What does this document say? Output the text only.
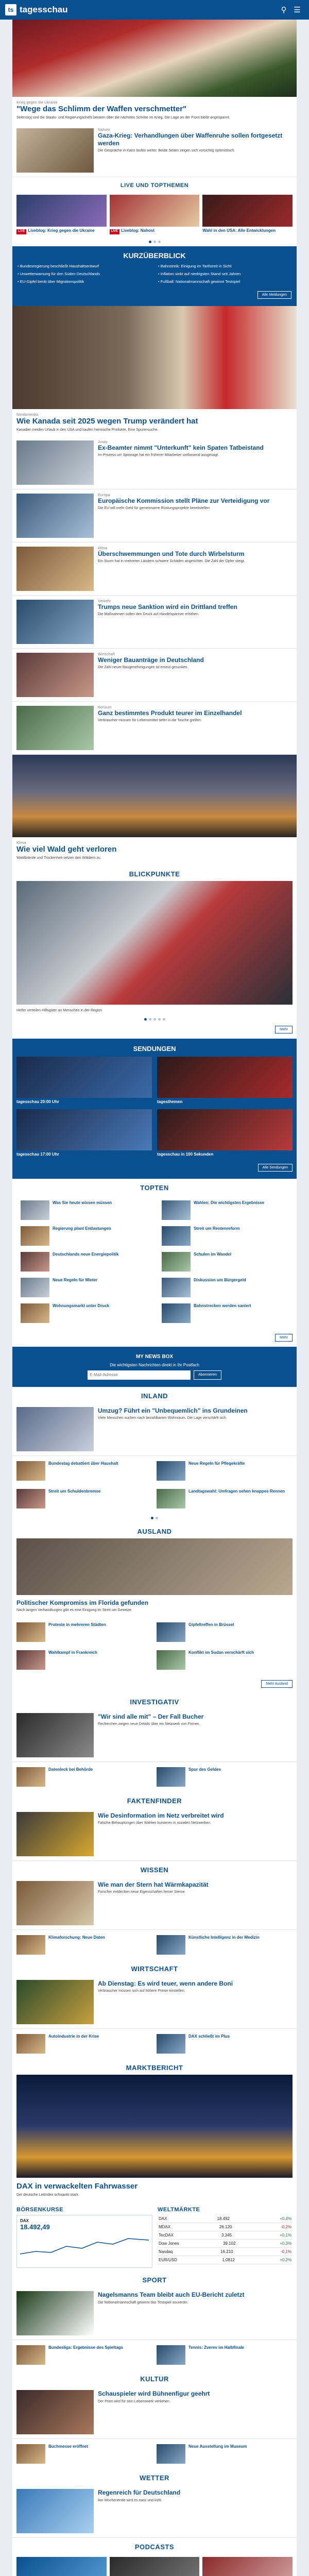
ts tagesschau	⚲ ☰
Krieg gegen die Ukraine
"Wege das Schlimm der Waffen verschmetter"
Selenskyj und die Staats- und Regierungschefs beraten über die nächsten Schritte im Krieg. Die Lage an der Front bleibt angespannt.
Nahost
Gaza-Krieg: Verhandlungen über Waffenruhe sollen fortgesetzt werden
Die Gespräche in Kairo laufen weiter. Beide Seiten zeigen sich vorsichtig optimistisch.
LIVE UND TOPTHEMEN
LIVE Liveblog: Krieg gegen die Ukraine	LIVE Liveblog: Nahost	Wahl in den USA: Alle Entwicklungen
KURZÜBERBLICK
• Bundesregierung beschließt Haushaltsentwurf	• Bahnstreik: Einigung im Tarifstreit in Sicht
• Unwetterwarnung für den Süden Deutschlands	• Inflation sinkt auf niedrigsten Stand seit Jahren
• EU-Gipfel berät über Migrationspolitik	• Fußball: Nationalmannschaft gewinnt Testspiel
Alle Meldungen
Nordamerika
Wie Kanada seit 2025 wegen Trump verändert hat
Kanadier meiden Urlaub in den USA und kaufen heimische Produkte. Eine Spurensuche.
Justiz
Ex-Beamter nimmt "Unterkunft" kein Spaten Tatbeistand
Im Prozess um Spionage hat ein früherer Mitarbeiter umfassend ausgesagt.
Europa
Europäische Kommission stellt Pläne zur Verteidigung vor
Die EU will mehr Geld für gemeinsame Rüstungsprojekte bereitstellen.
Klima
Überschwemmungen und Tote durch Wirbelsturm
Ein Sturm hat in mehreren Ländern schwere Schäden angerichtet. Die Zahl der Opfer steigt.
Verkehr
Trumps neue Sanktion wird ein Drittland treffen
Die Maßnahmen sollen den Druck auf Handelspartner erhöhen.
Wirtschaft
Weniger Bauanträge in Deutschland
Die Zahl neuer Baugenehmigungen ist erneut gesunken.
Konsum
Ganz bestimmtes Produkt teurer im Einzelhandel
Verbraucher müssen für Lebensmittel tiefer in die Tasche greifen.
Klima
Wie viel Wald geht verloren
Waldbrände und Trockenheit setzen den Wäldern zu.
BLICKPUNKTE
Helfer verteilen Hilfsgüter an Menschen in der Region
Mehr
SENDUNGEN
tagesschau 20:00 Uhr	tagesthemen
tagesschau 17:00 Uhr	tagesschau in 100 Sekunden
Alle Sendungen
TOPTEN
Was Sie heute wissen müssen	Wahlen: Die wichtigsten Ergebnisse
Regierung plant Entlastungen	Streit um Rentenreform
Deutschlands neue Energiepolitik	Schulen im Wandel
Neue Regeln für Mieter	Diskussion um Bürgergeld
Wohnungsmarkt unter Druck	Bahnstrecken werden saniert
Mehr
MY NEWS BOX
Die wichtigsten Nachrichten direkt in Ihr Postfach
E-Mail-Adresse
Abonnieren
INLAND
Umzug? Führt ein "Unbequemlich" ins Grundeinen
Viele Menschen suchen nach bezahlbarem Wohnraum. Die Lage verschärft sich.
Bundestag debattiert über Haushalt	Neue Regeln für Pflegekräfte
Streit um Schuldenbremse	Landtagswahl: Umfragen sehen knappes Rennen
AUSLAND
Politischer Kompromiss im Florida gefunden
Nach langen Verhandlungen gibt es eine Einigung im Streit um Gesetze.
Proteste in mehreren Städten	Gipfeltreffen in Brüssel
Wahlkampf in Frankreich	Konflikt im Sudan verschärft sich
Mehr Ausland
INVESTIGATIV
"Wir sind alle mit" – Der Fall Bucher
Recherchen zeigen neue Details über ein Netzwerk von Firmen.
Datenleck bei Behörde	Spur des Geldes
FAKTENFINDER
Wie Desinformation im Netz verbreitet wird
Falsche Behauptungen über Wahlen kursieren in sozialen Netzwerken.
WISSEN
Wie man der Stern hat Wärmkapazität
Forscher entdecken neue Eigenschaften ferner Sterne.
Klimaforschung: Neue Daten	Künstliche Intelligenz in der Medizin
WIRTSCHAFT
Ab Dienstag: Es wird teuer, wenn andere Boni
Verbraucher müssen sich auf höhere Preise einstellen.
Autoindustrie in der Krise	DAX schließt im Plus
MARKTBERICHT
DAX in verwackelten Fahrwasser
Der deutsche Leitindex schwankt stark.
BÖRSENKURSE
DAX
18.492,49
WELTMÄRKTE
DAX	18.492	+0,4%
MDAX	26.120	-0,2%
TecDAX	3.345	+0,1%
Dow Jones	39.102	+0,3%
Nasdaq	16.210	-0,1%
EUR/USD	1,0812	+0,2%
SPORT
Nagelsmanns Team bleibt auch EU-Bericht zuletzt
Die Nationalmannschaft gewinnt das Testspiel souverän.
Bundesliga: Ergebnisse des Spieltags	Tennis: Zverev im Halbfinale
KULTUR
Schauspieler wird Bühnenfigur geehrt
Der Preis wird für sein Lebenswerk verliehen.
Buchmesse eröffnet	Neue Ausstellung im Museum
WETTER
Regenreich für Deutschland
Am Wochenende wird es nass und kühl.
PODCASTS
